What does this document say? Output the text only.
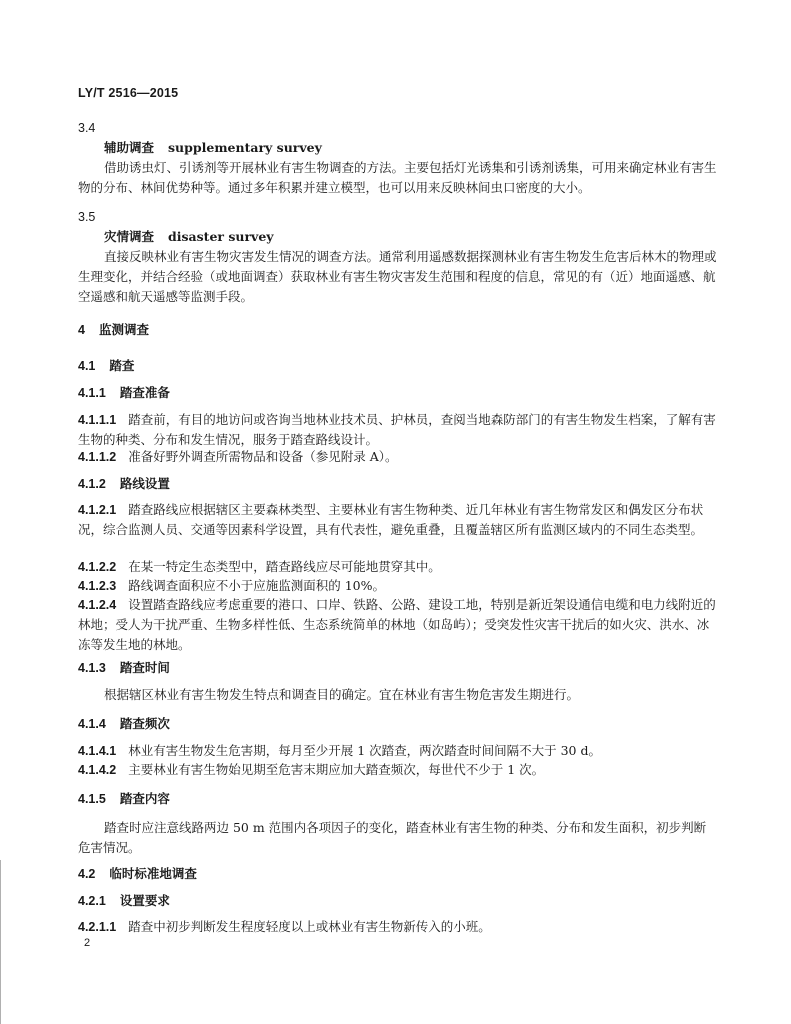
LY/T 2516—2015
3.4
辅助调查 supplementary survey
借助诱虫灯、引诱剂等开展林业有害生物调查的方法。主要包括灯光诱集和引诱剂诱集，可用来确定林业有害生物的分布、林间优势种等。通过多年积累并建立模型，也可以用来反映林间虫口密度的大小。
3.5
灾情调查 disaster survey
直接反映林业有害生物灾害发生情况的调查方法。通常利用遥感数据探测林业有害生物发生危害后林木的物理或生理变化，并结合经验（或地面调查）获取林业有害生物灾害发生范围和程度的信息，常见的有（近）地面遥感、航空遥感和航天遥感等监测手段。
4 监测调查
4.1 踏查
4.1.1 踏查准备
4.1.1.1 踏查前，有目的地访问或咨询当地林业技术员、护林员，查阅当地森防部门的有害生物发生档案，了解有害生物的种类、分布和发生情况，服务于踏查路线设计。
4.1.1.2 准备好野外调查所需物品和设备（参见附录 A）。
4.1.2 路线设置
4.1.2.1 踏查路线应根据辖区主要森林类型、主要林业有害生物种类、近几年林业有害生物常发区和偶发区分布状况，综合监测人员、交通等因素科学设置，具有代表性，避免重叠，且覆盖辖区所有监测区域内的不同生态类型。
4.1.2.2 在某一特定生态类型中，踏查路线应尽可能地贯穿其中。
4.1.2.3 路线调查面积应不小于应施监测面积的 10%。
4.1.2.4 设置踏查路线应考虑重要的港口、口岸、铁路、公路、建设工地，特别是新近架设通信电缆和电力线附近的林地；受人为干扰严重、生物多样性低、生态系统简单的林地（如岛屿）；受突发性灾害干扰后的如火灾、洪水、冰冻等发生地的林地。
4.1.3 踏查时间
根据辖区林业有害生物发生特点和调查目的确定。宜在林业有害生物危害发生期进行。
4.1.4 踏查频次
4.1.4.1 林业有害生物发生危害期，每月至少开展 1 次踏查，两次踏查时间间隔不大于 30 d。
4.1.4.2 主要林业有害生物始见期至危害末期应加大踏查频次，每世代不少于 1 次。
4.1.5 踏查内容
踏查时应注意线路两边 50 m 范围内各项因子的变化，踏查林业有害生物的种类、分布和发生面积，初步判断危害情况。
4.2 临时标准地调查
4.2.1 设置要求
4.2.1.1 踏查中初步判断发生程度轻度以上或林业有害生物新传入的小班。
2
